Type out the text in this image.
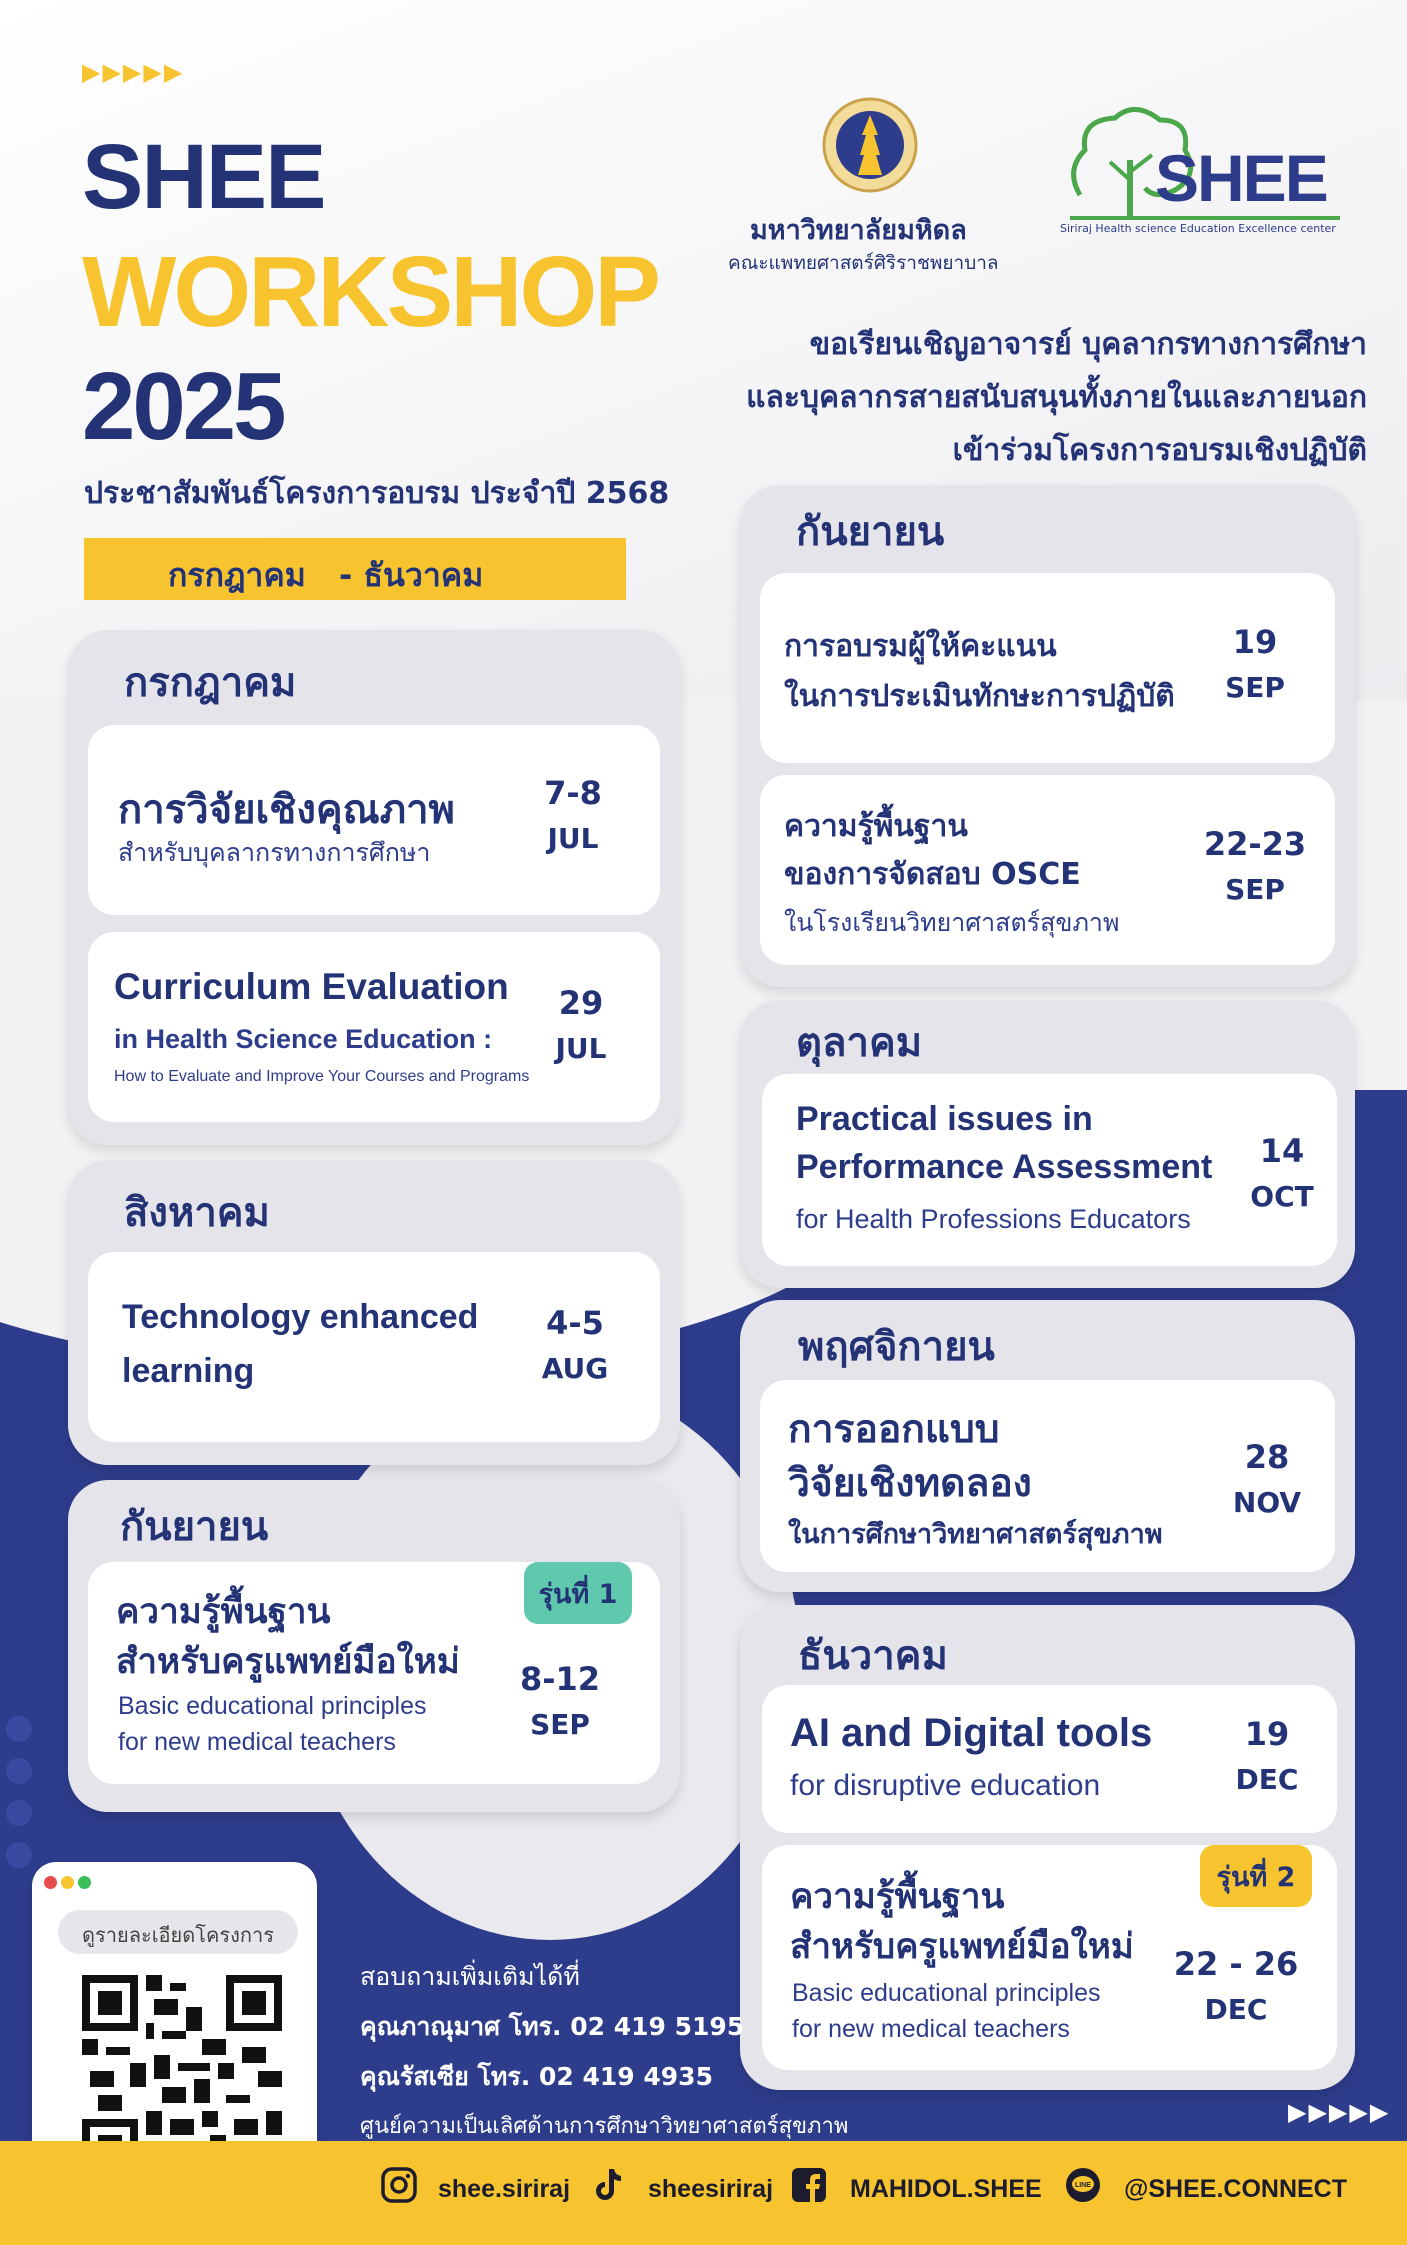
▶▶▶▶▶
SHEE
WORKSHOP
2025
ประชาสัมพันธ์โครงการอบรม ประจำปี 2568
กรกฎาคม - ธันวาคม
มหาวิทยาลัยมหิดล
คณะแพทยศาสตร์ศิริราชพยาบาล
SHEE
Siriraj Health science Education Excellence center
ขอเรียนเชิญอาจารย์ บุคลากรทางการศึกษา
และบุคลากรสายสนับสนุนทั้งภายในและภายนอก
เข้าร่วมโครงการอบรมเชิงปฏิบัติ
กรกฎาคม
การวิจัยเชิงคุณภาพ
สำหรับบุคลากรทางการศึกษา
7-8
JUL
Curriculum Evaluation
in Health Science Education :
How to Evaluate and Improve Your Courses and Programs
29
JUL
สิงหาคม
Technology enhanced
learning
4-5
AUG
กันยายน
รุ่นที่ 1
ความรู้พื้นฐาน
สำหรับครูแพทย์มือใหม่
Basic educational principles
for new medical teachers
8-12
SEP
กันยายน
การอบรมผู้ให้คะแนน
ในการประเมินทักษะการปฏิบัติ
19
SEP
ความรู้พื้นฐาน
ของการจัดสอบ OSCE
ในโรงเรียนวิทยาศาสตร์สุขภาพ
22-23
SEP
ตุลาคม
Practical issues in
Performance Assessment
for Health Professions Educators
14
OCT
พฤศจิกายน
การออกแบบ
วิจัยเชิงทดลอง
ในการศึกษาวิทยาศาสตร์สุขภาพ
28
NOV
ธันวาคม
AI and Digital tools
for disruptive education
19
DEC
รุ่นที่ 2
ความรู้พื้นฐาน
สำหรับครูแพทย์มือใหม่
Basic educational principles
for new medical teachers
22 - 26
DEC
ดูรายละเอียดโครงการ
สอบถามเพิ่มเติมได้ที่
คุณภาณุมาศ โทร. 02 419 5195
คุณรัสเซีย โทร. 02 419 4935
ศูนย์ความเป็นเลิศด้านการศึกษาวิทยาศาสตร์สุขภาพ
▶▶▶▶▶
shee.siriraj	sheesiriraj	MAHIDOL.SHEE	LINE @SHEE.CONNECT
